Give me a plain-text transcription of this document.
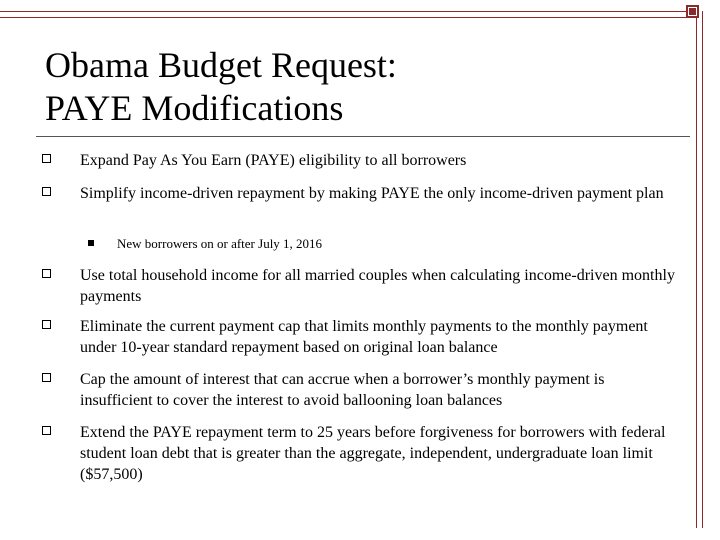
Obama Budget Request:
PAYE Modifications
Expand Pay As You Earn (PAYE) eligibility to all borrowers
Simplify income-driven repayment by making PAYE the only income-driven payment plan
New borrowers on or after July 1, 2016
Use total household income for all married couples when calculating income-driven monthly payments
Eliminate the current payment cap that limits monthly payments to the monthly payment under 10-year standard repayment based on original loan balance
Cap the amount of interest that can accrue when a borrower’s monthly payment is insufficient to cover the interest to avoid ballooning loan balances
Extend the PAYE repayment term to 25 years before forgiveness for borrowers with federal student loan debt that is greater than the aggregate, independent, undergraduate loan limit ($57,500)
